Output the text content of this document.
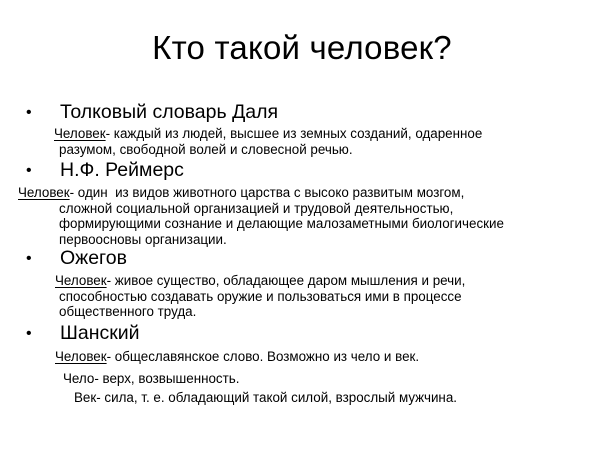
Кто такой человек?
• Толковый словарь Даля
Человек- каждый из людей, высшее из земных созданий, одаренное
разумом, свободной волей и словесной речью.
• Н.Ф. Реймерс
Человек- один  из видов животного царства с высоко развитым мозгом,
сложной социальной организацией и трудовой деятельностью,
формирующими сознание и делающие малозаметными биологические
первоосновы организации.
• Ожегов
Человек- живое существо, обладающее даром мышления и речи,
способностью создавать оружие и пользоваться ими в процессе
общественного труда.
• Шанский
Человек- общеславянское слово. Возможно из чело и век.
Чело- верх, возвышенность.
Век- сила, т. е. обладающий такой силой, взрослый мужчина.
